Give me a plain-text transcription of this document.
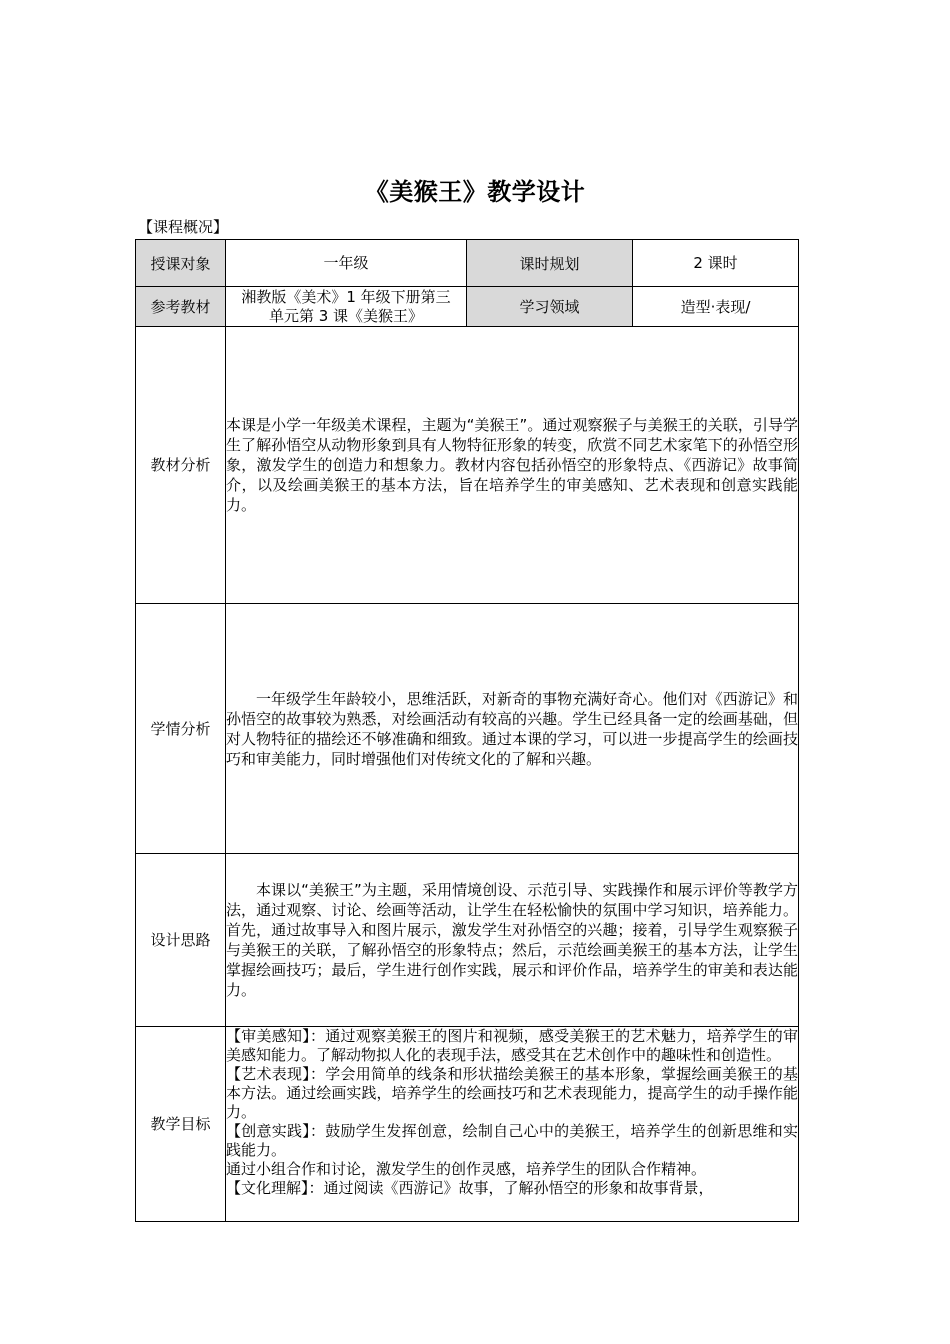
《美猴王》教学设计
【课程概况】
授课对象	一年级	课时规划	2 课时
参考教材	湘教版《美术》1 年级下册第三单元第 3 课《美猴王》	学习领域	造型·表现/
教材分析	本课是小学一年级美术课程，主题为“美猴王”。通过观察猴子与美猴王的关联，引导学生了解孙悟空从动物形象到具有人物特征形象的转变，欣赏不同艺术家笔下的孙悟空形象，激发学生的创造力和想象力。教材内容包括孙悟空的形象特点、《西游记》故事简介，以及绘画美猴王的基本方法，旨在培养学生的审美感知、艺术表现和创意实践能力。		
学情分析	一年级学生年龄较小，思维活跃，对新奇的事物充满好奇心。他们对《西游记》和孙悟空的故事较为熟悉，对绘画活动有较高的兴趣。学生已经具备一定的绘画基础，但对人物特征的描绘还不够准确和细致。通过本课的学习，可以进一步提高学生的绘画技巧和审美能力，同时增强他们对传统文化的了解和兴趣。		
设计思路	本课以“美猴王”为主题，采用情境创设、示范引导、实践操作和展示评价等教学方法，通过观察、讨论、绘画等活动，让学生在轻松愉快的氛围中学习知识，培养能力。首先，通过故事导入和图片展示，激发学生对孙悟空的兴趣；接着，引导学生观察猴子与美猴王的关联，了解孙悟空的形象特点；然后，示范绘画美猴王的基本方法，让学生掌握绘画技巧；最后，学生进行创作实践，展示和评价作品，培养学生的审美和表达能力。		
教学目标	【审美感知】：通过观察美猴王的图片和视频，感受美猴王的艺术魅力，培养学生的审美感知能力。了解动物拟人化的表现手法，感受其在艺术创作中的趣味性和创造性。

【艺术表现】：学会用简单的线条和形状描绘美猴王的基本形象，掌握绘画美猴王的基本方法。通过绘画实践，培养学生的绘画技巧和艺术表现能力，提高学生的动手操作能力。

【创意实践】：鼓励学生发挥创意，绘制自己心中的美猴王，培养学生的创新思维和实践能力。

通过小组合作和讨论，激发学生的创作灵感，培养学生的团队合作精神。

【文化理解】：通过阅读《西游记》故事，了解孙悟空的形象和故事背景，		
